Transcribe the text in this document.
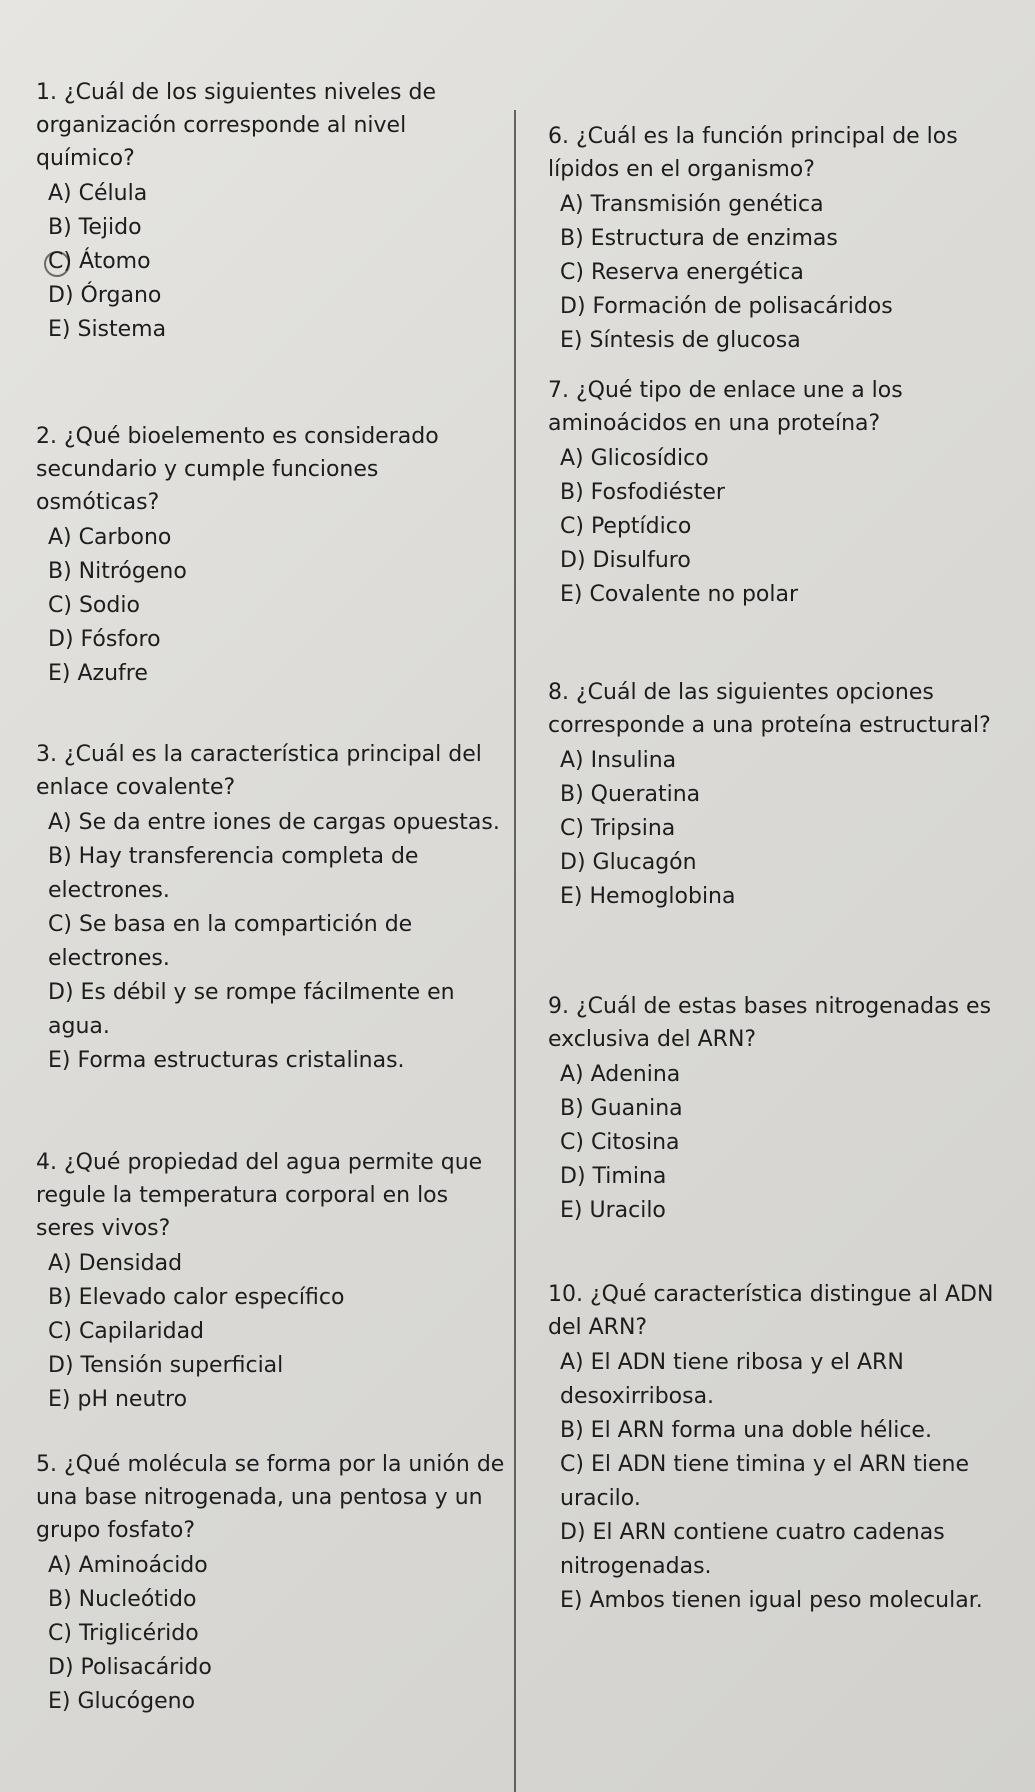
1. ¿Cuál de los siguientes niveles de organización corresponde al nivel químico?
A) Célula
B) Tejido
C) Átomo
D) Órgano
E) Sistema
2. ¿Qué bioelemento es considerado secundario y cumple funciones osmóticas?
A) Carbono
B) Nitrógeno
C) Sodio
D) Fósforo
E) Azufre
3. ¿Cuál es la característica principal del enlace covalente?
A) Se da entre iones de cargas opuestas.
B) Hay transferencia completa de electrones.
C) Se basa en la compartición de electrones.
D) Es débil y se rompe fácilmente en agua.
E) Forma estructuras cristalinas.
4. ¿Qué propiedad del agua permite que regule la temperatura corporal en los seres vivos?
A) Densidad
B) Elevado calor específico
C) Capilaridad
D) Tensión superficial
E) pH neutro
5. ¿Qué molécula se forma por la unión de una base nitrogenada, una pentosa y un grupo fosfato?
A) Aminoácido
B) Nucleótido
C) Triglicérido
D) Polisacárido
E) Glucógeno
6. ¿Cuál es la función principal de los lípidos en el organismo?
A) Transmisión genética
B) Estructura de enzimas
C) Reserva energética
D) Formación de polisacáridos
E) Síntesis de glucosa
7. ¿Qué tipo de enlace une a los aminoácidos en una proteína?
A) Glicosídico
B) Fosfodiéster
C) Peptídico
D) Disulfuro
E) Covalente no polar
8. ¿Cuál de las siguientes opciones corresponde a una proteína estructural?
A) Insulina
B) Queratina
C) Tripsina
D) Glucagón
E) Hemoglobina
9. ¿Cuál de estas bases nitrogenadas es exclusiva del ARN?
A) Adenina
B) Guanina
C) Citosina
D) Timina
E) Uracilo
10. ¿Qué característica distingue al ADN del ARN?
A) El ADN tiene ribosa y el ARN desoxirribosa.
B) El ARN forma una doble hélice.
C) El ADN tiene timina y el ARN tiene uracilo.
D) El ARN contiene cuatro cadenas nitrogenadas.
E) Ambos tienen igual peso molecular.
